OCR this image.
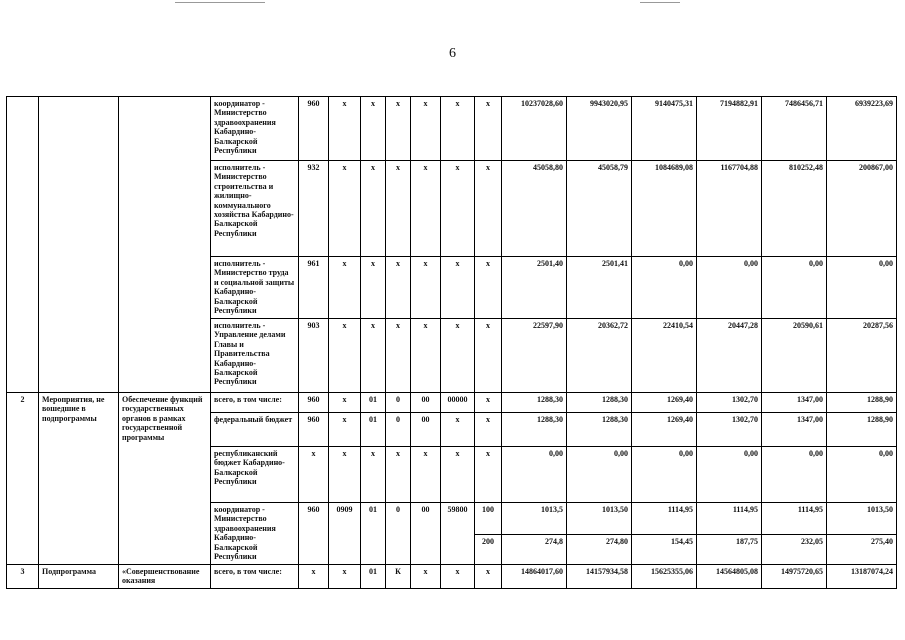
6
			координатор - Министерство здравоохранения Кабардино-Балкарской Республики	960	x	x	x	x	x	x	10237028,60	9943020,95	9140475,31	7194882,91	7486456,71	6939223,69
			исполнитель - Министерство строительства и жилищно-коммунального хозяйства Кабардино-Балкарской Республики	932	x	x	x	x	x	x	45058,80	45058,79	1084689,08	1167704,88	810252,48	200867,00
			исполнитель - Министерство труда и социальной защиты Кабардино-Балкарской Республики	961	x	x	x	x	x	x	2501,40	2501,41	0,00	0,00	0,00	0,00
			исполнитель - Управление делами Главы и Правительства Кабардино-Балкарской Республики	903	x	x	x	x	x	x	22597,90	20362,72	22410,54	20447,28	20590,61	20287,56
2	Мероприятия, не вошедшие в подпрограммы	Обеспечение функций государственных органов в рамках государственной программы	всего, в том числе:	960	x	01	0	00	00000	x	1288,30	1288,30	1269,40	1302,70	1347,00	1288,90
			федеральный бюджет	960	x	01	0	00	x	x	1288,30	1288,30	1269,40	1302,70	1347,00	1288,90
			республиканский бюджет Кабардино-Балкарской Республики	x	x	x	x	x	x	x	0,00	0,00	0,00	0,00	0,00	0,00
			координатор - Министерство здравоохранения Кабардино-Балкарской Республики	960	0909	01	0	00	59800	100	1013,5	1013,50	1114,95	1114,95	1114,95	1013,50
										200	274,8	274,80	154,45	187,75	232,05	275,40
3	Подпрограмма	«Совершенствование оказания	всего, в том числе:	x	x	01	К	x	x	x	14864017,60	14157934,58	15625355,06	14564805,08	14975720,65	13187074,24
